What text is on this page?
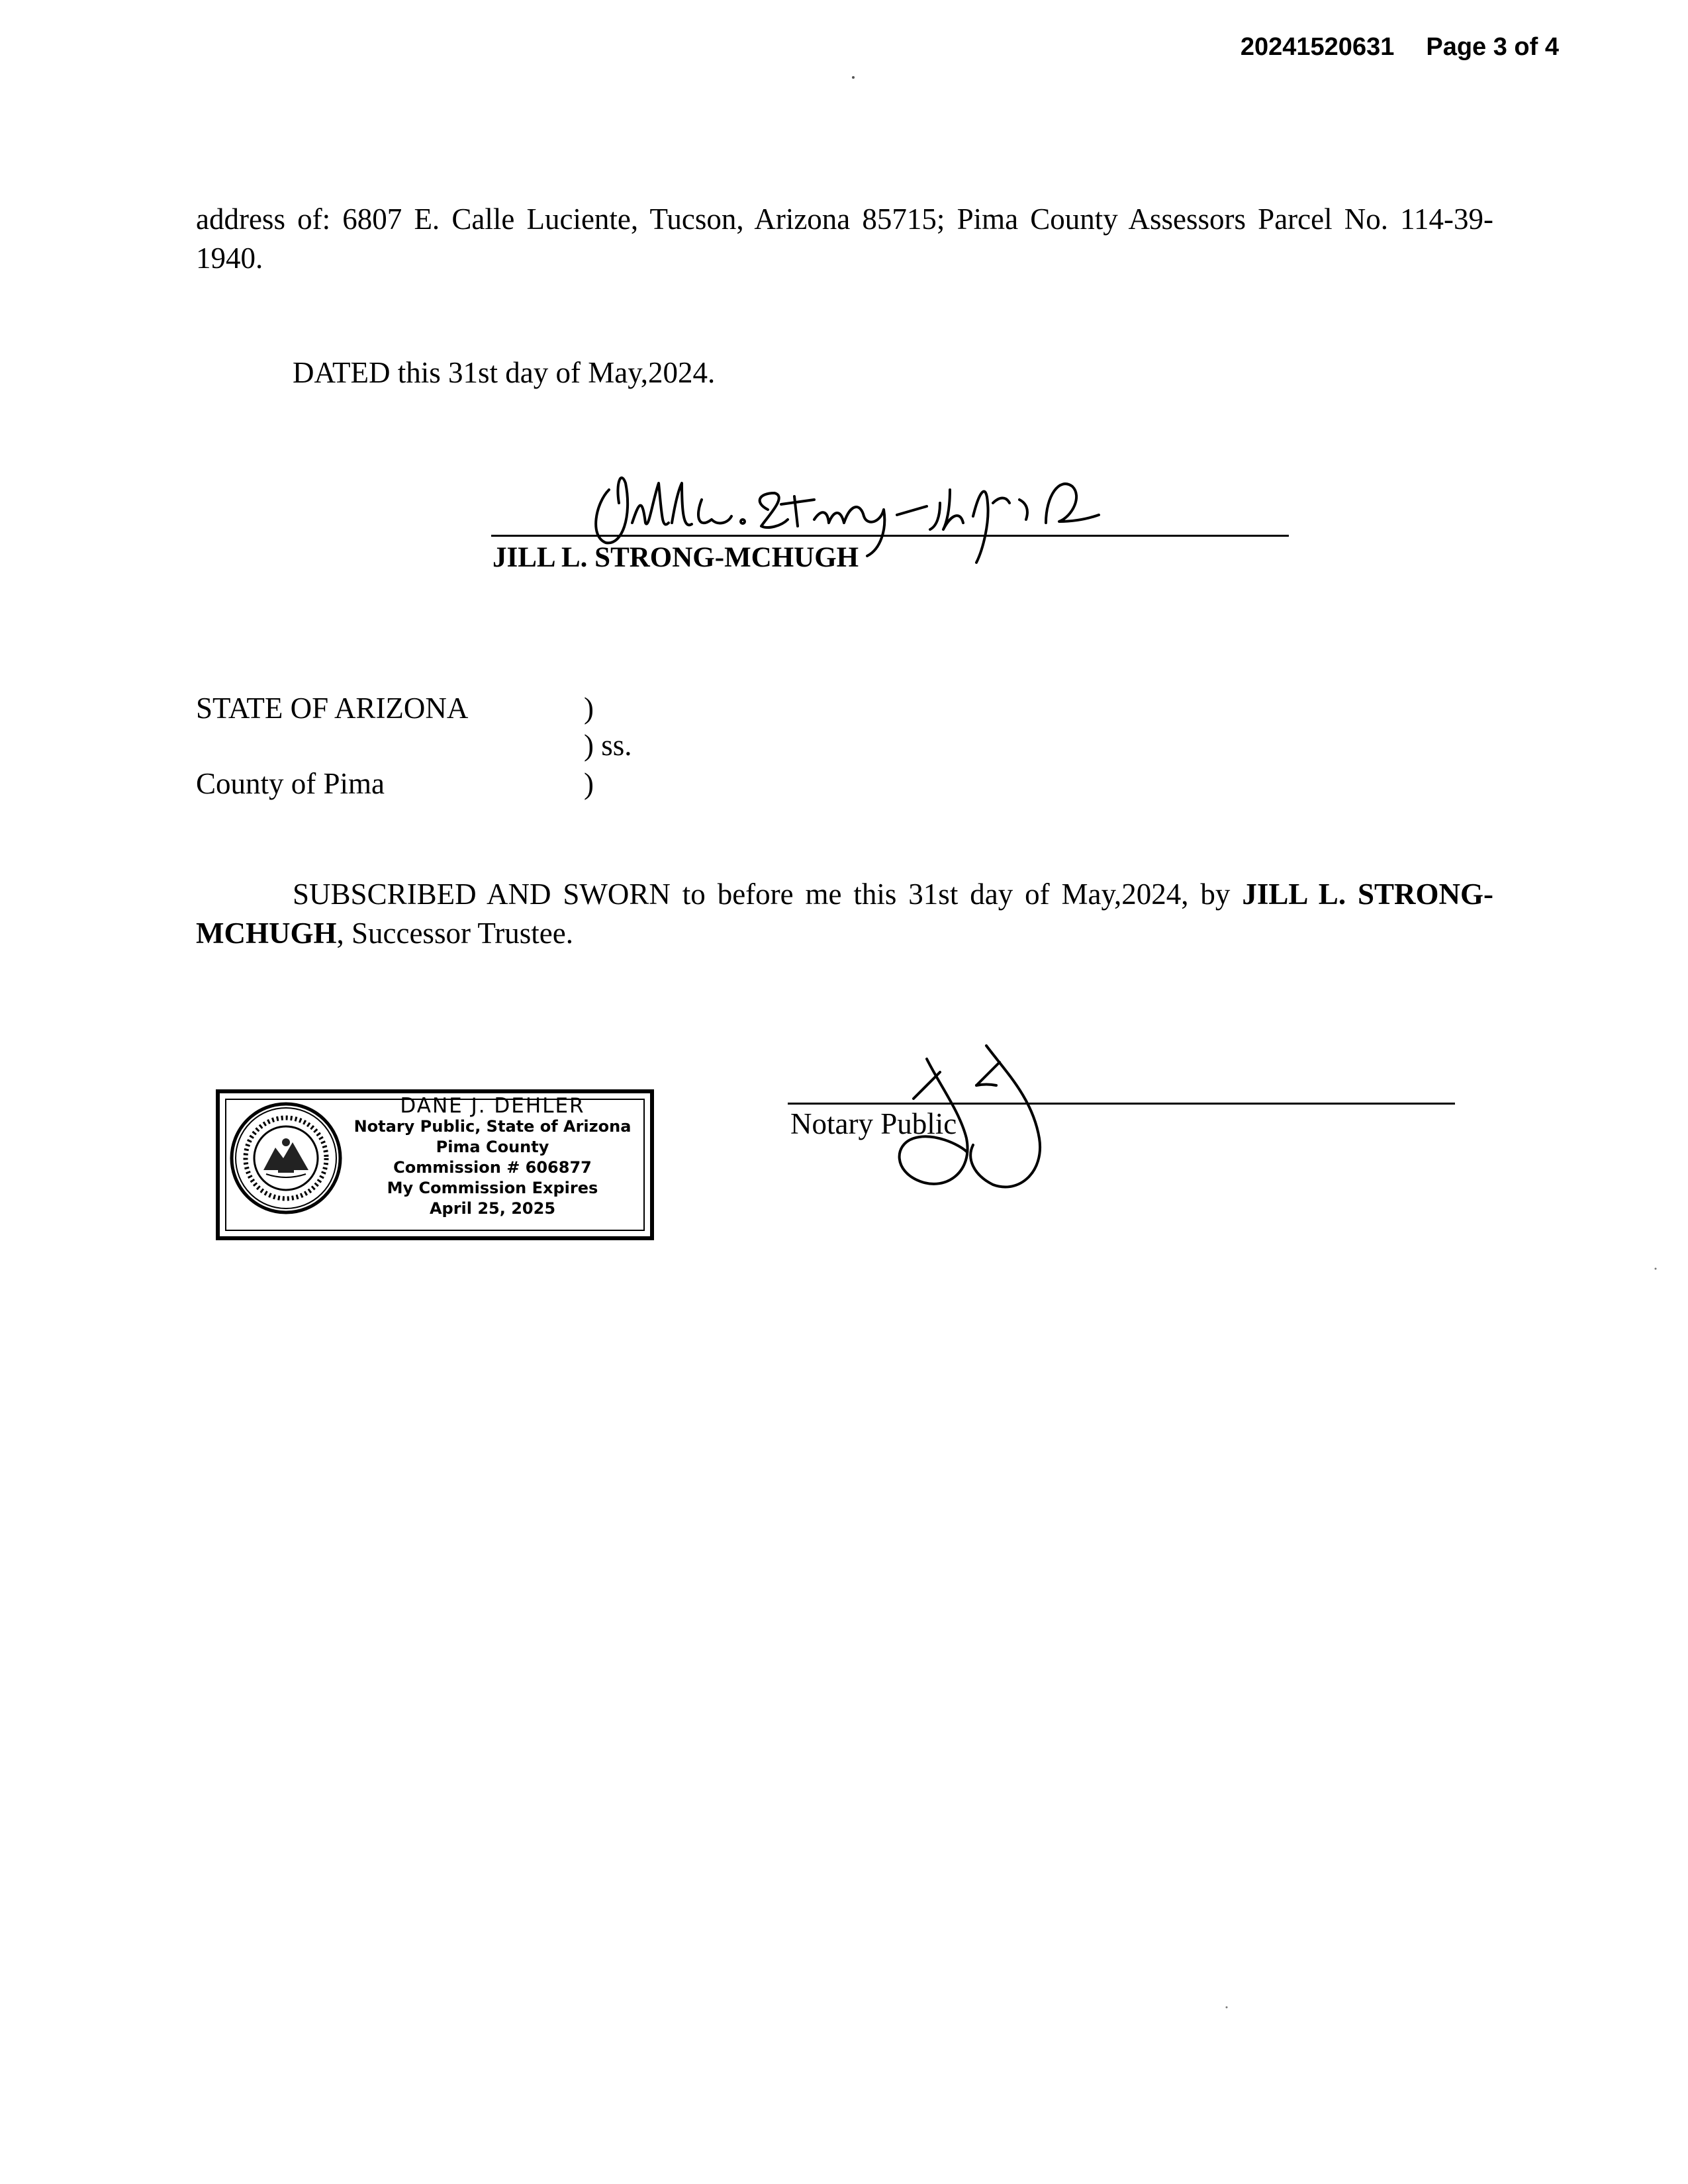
20241520631 Page 3 of 4
address of: 6807 E. Calle Luciente, Tucson, Arizona 85715; Pima County Assessors Parcel No. 114-39-1940.
DATED this 31st day of May,2024.
JILL L. STRONG-MCHUGH
STATE OF ARIZONA	)
) ss.
County of Pima	)
SUBSCRIBED AND SWORN to before me this 31st day of May,2024, by JILL L. STRONG-MCHUGH, Successor Trustee.
DANE J. DEHLER
Notary Public, State of Arizona
Pima County
Commission # 606877
My Commission Expires
April 25, 2025
Notary Public
